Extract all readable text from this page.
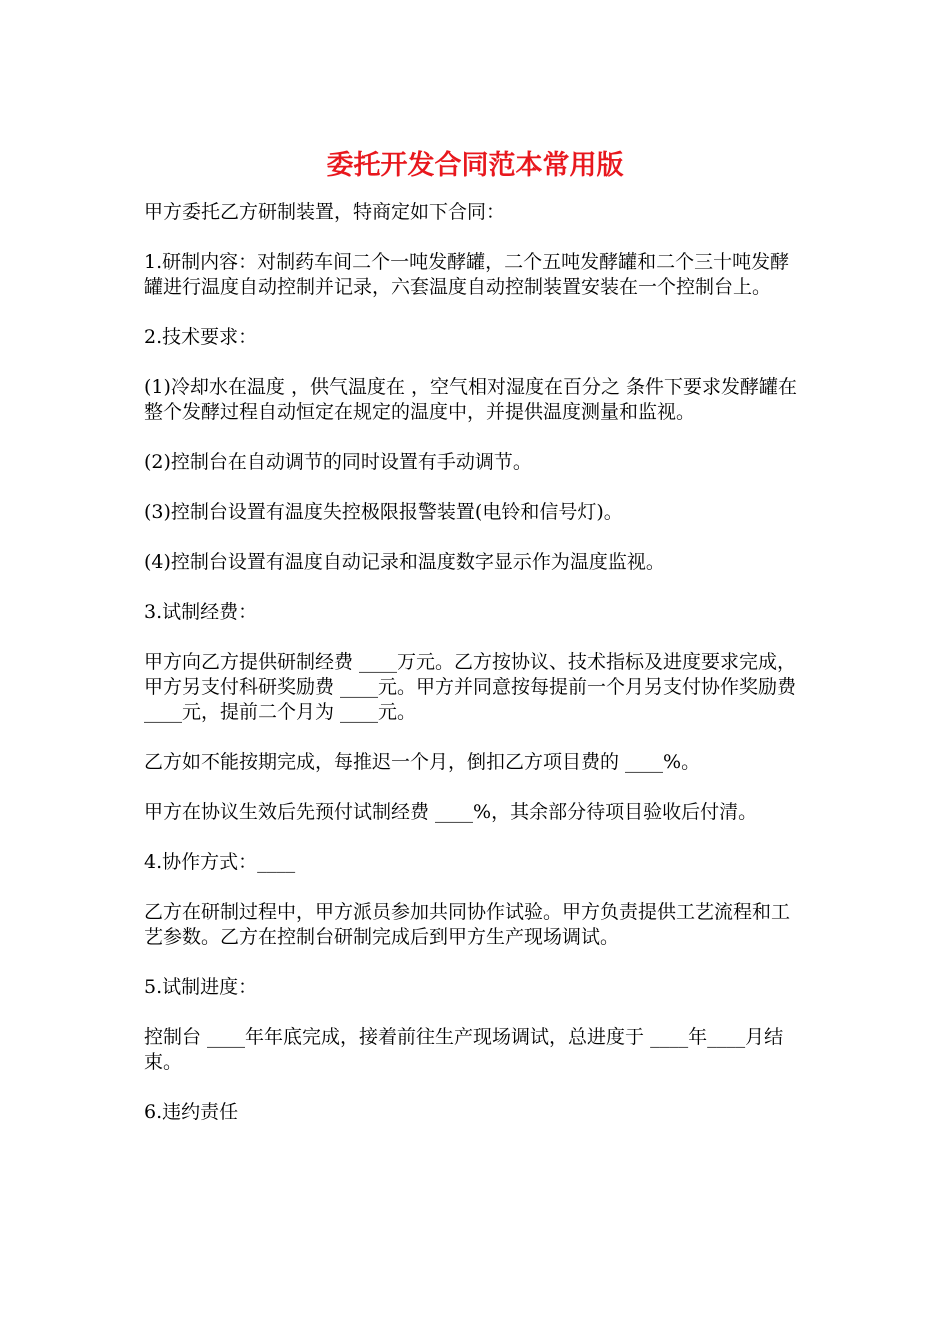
委托开发合同范本常用版

甲方委托乙方研制装置，特商定如下合同：

1.研制内容：对制药车间二个一吨发酵罐，二个五吨发酵罐和二个三十吨发酵罐进行温度自动控制并记录，六套温度自动控制装置安装在一个控制台上。

2.技术要求：

(1)冷却水在温度 ，供气温度在 ，空气相对湿度在百分之 条件下要求发酵罐在整个发酵过程自动恒定在规定的温度中，并提供温度测量和监视。

(2)控制台在自动调节的同时设置有手动调节。

(3)控制台设置有温度失控极限报警装置(电铃和信号灯)。

(4)控制台设置有温度自动记录和温度数字显示作为温度监视。

3.试制经费：

甲方向乙方提供研制经费 ____万元。乙方按协议、技术指标及进度要求完成，甲方另支付科研奖励费 ____元。甲方并同意按每提前一个月另支付协作奖励费 ____元，提前二个月为 ____元。

乙方如不能按期完成，每推迟一个月，倒扣乙方项目费的 ____%。

甲方在协议生效后先预付试制经费 ____%，其余部分待项目验收后付清。

4.协作方式：____

乙方在研制过程中，甲方派员参加共同协作试验。甲方负责提供工艺流程和工艺参数。乙方在控制台研制完成后到甲方生产现场调试。

5.试制进度：

控制台 ____年年底完成，接着前往生产现场调试，总进度于 ____年____月结束。

6.违约责任
